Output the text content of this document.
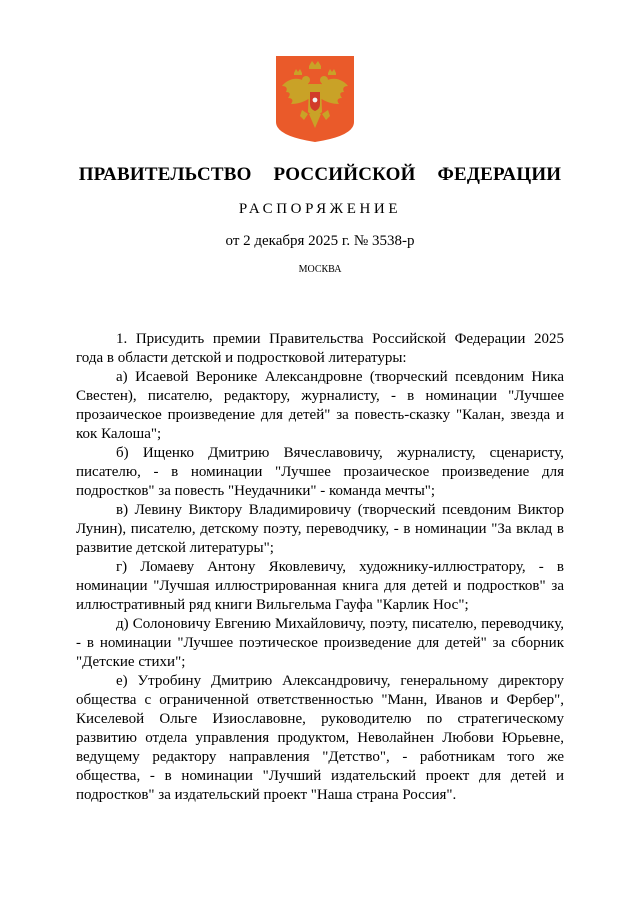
ПРАВИТЕЛЬСТВО  РОССИЙСКОЙ  ФЕДЕРАЦИИ
РАСПОРЯЖЕНИЕ
от 2 декабря 2025 г. № 3538-р
МОСКВА

1. Присудить премии Правительства Российской Федерации 2025 года в области детской и подростковой литературы:

а) Исаевой Веронике Александровне (творческий псевдоним Ника Свестен), писателю, редактору, журналисту, - в номинации "Лучшее прозаическое произведение для детей" за повесть-сказку "Калан, звезда и кок Калоша";

б) Ищенко Дмитрию Вячеславовичу, журналисту, сценаристу, писателю, - в номинации "Лучшее прозаическое произведение для подростков" за повесть "Неудачники" - команда мечты";

в) Левину Виктору Владимировичу (творческий псевдоним Виктор Лунин), писателю, детскому поэту, переводчику, - в номинации "За вклад в развитие детской литературы";

г) Ломаеву Антону Яковлевичу, художнику-иллюстратору, - в номинации "Лучшая иллюстрированная книга для детей и подростков" за иллюстративный ряд книги Вильгельма Гауфа "Карлик Нос";

д) Солоновичу Евгению Михайловичу, поэту, писателю, переводчику, - в номинации "Лучшее поэтическое произведение для детей" за сборник "Детские стихи";

е) Утробину Дмитрию Александровичу, генеральному директору общества с ограниченной ответственностью "Манн, Иванов и Фербер", Киселевой Ольге Изиославовне, руководителю по стратегическому развитию отдела управления продуктом, Неволайнен Любови Юрьевне, ведущему редактору направления "Детство", - работникам того же общества, - в номинации "Лучший издательский проект для детей и подростков" за издательский проект "Наша страна Россия".
